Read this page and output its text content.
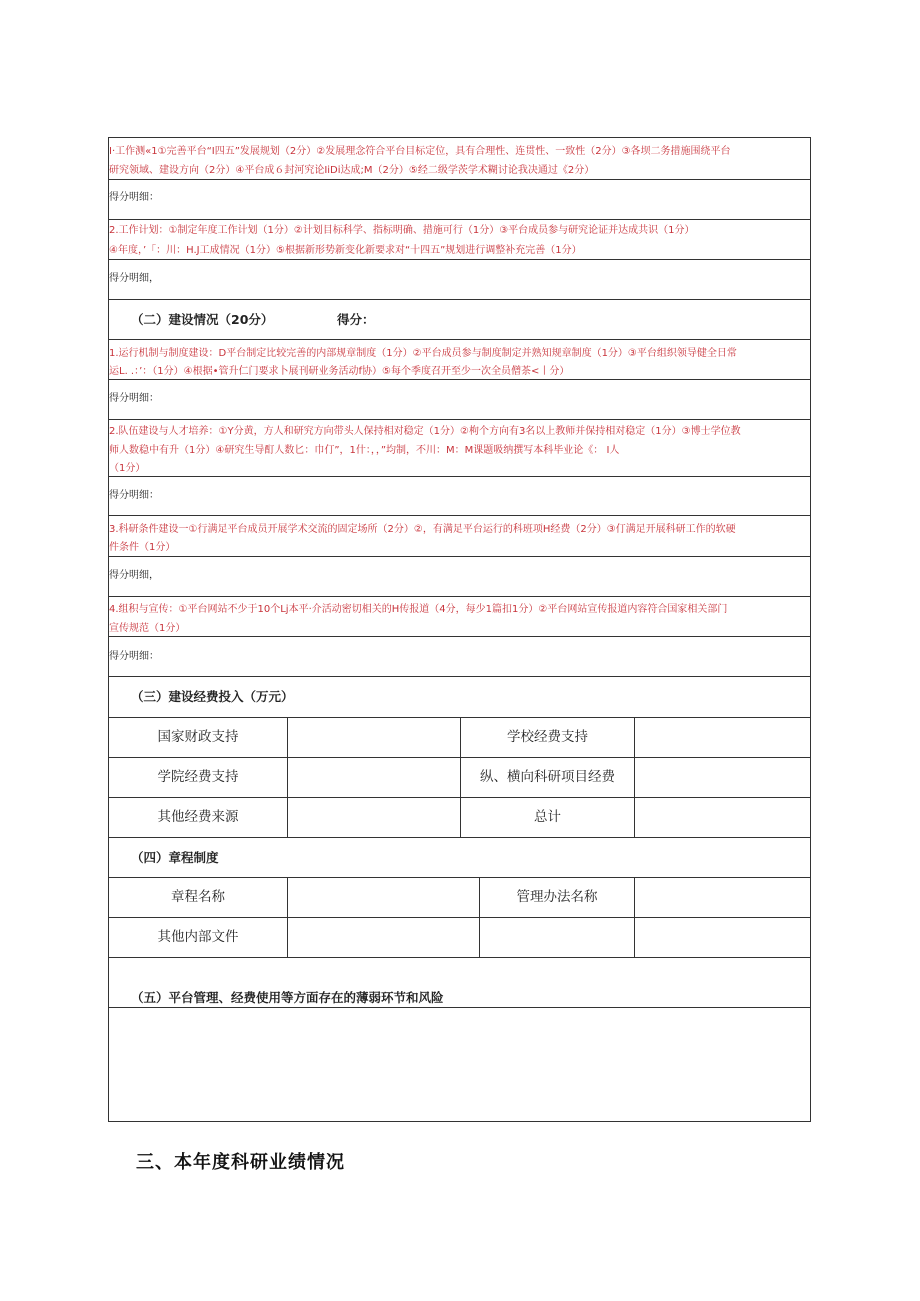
Ⅰ·工作测«1①完善平台“I四五”发展规划（2分）②发展理念符合平台目标定位，具有合理性、连贯性、一致性（2分）③各坝二务措施围绕平台
研究领域、建设方向（2分）④平台成６封河究论IiDi达成;M（2分）⑤经二级学茨学术糊讨论我决通过《2分）
得分明细：
2.工作计划：①制定年度工作计划（1分）②计划目标科学、指标明确、措施可行（1分）③平台成员参与研究论证并达成共识（1分）
④年度，’「：川：H.J工成情况（1分）⑤根据新形势新变化新要求对“十四五”规划进行调整补充完善（1分）
得分明细，
（二）建设情况（20分）	得分：
1.运行机制与制度建设：D平台制定比较完善的内部规章制度（1分）②平台成员参与制度制定并熟知规章制度（1分）③平台组织领导健全日常
运L. .：’：（1分）④根据•管升仁门要求卜展刊研业务活动f协）⑤每个季度召开至少一次全员僧茶<丨分）
得分明细：
2.队伍建设与人才培养：①Y分黄，方人和研究方向带头人保持相对稳定（1分）②枸个方向有3名以上教师并保持相对稳定（1分）③博士学位教
师人数稳中有升（1分）④研究生导酊人数匕：巾仃”，1什：，，”均制，不川：M：M课题吸纳撰写本科毕业论《： I人
（1分）
得分明细：
3.科研条件建设一①行满足平台成员开展学术交流的固定场所（2分）②，有满足平台运行的科班项H经费（2分）③仃满足开展科研工作的软硬
件条件（1分）
得分明细，
4.组积与宣传：①平台网站不少于10个Lj本平·介活动密切相关的H传报道（4分，每少1篇扣1分）②平台网站宣传报道内容符合国家相关部门
宣传规范（1分）
得分明细：
（三）建设经费投入（万元）
国家财政支持	学校经费支持
学院经费支持	纵、横向科研项目经费
其他经费来源	总计
（四）章程制度
章程名称	管理办法名称
其他内部文件
（五）平台管理、经费使用等方面存在的薄弱环节和风险
三、本年度科研业绩情况
